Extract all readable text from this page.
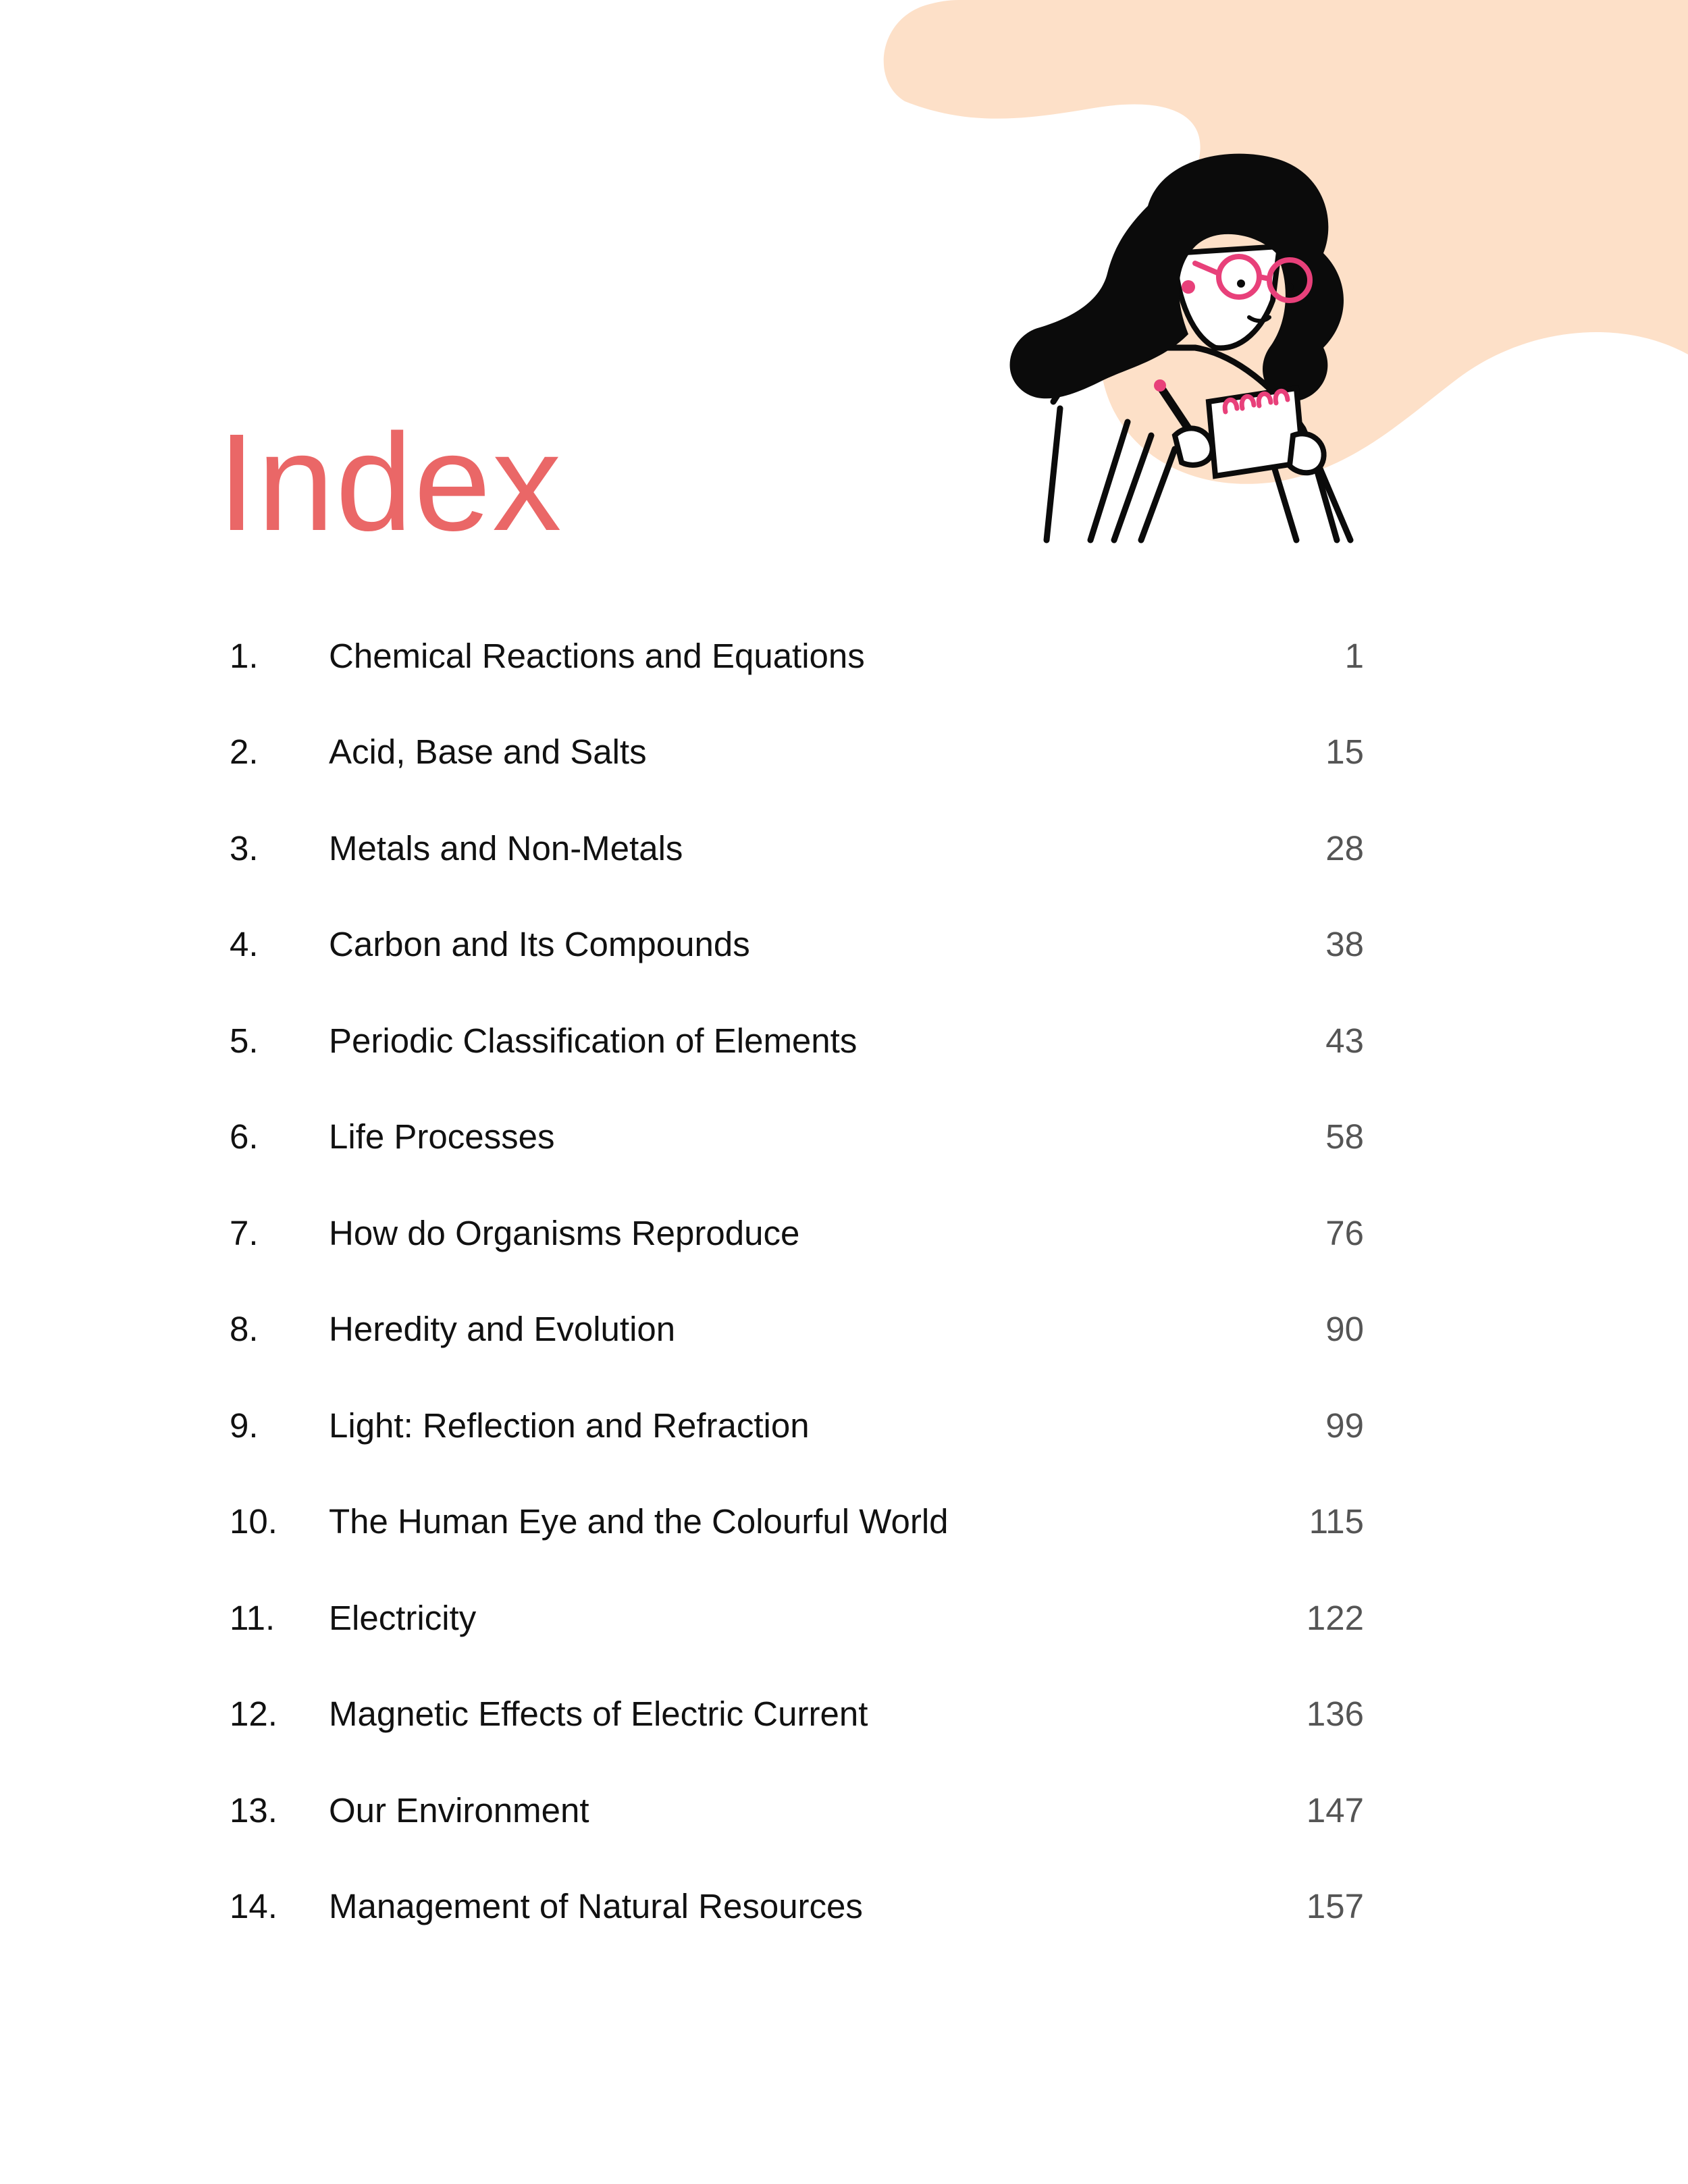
Index
1.	Chemical Reactions and Equations	1
2.	Acid, Base and Salts	15
3.	Metals and Non-Metals	28
4.	Carbon and Its Compounds	38
5.	Periodic Classification of Elements	43
6.	Life Processes	58
7.	How do Organisms Reproduce	76
8.	Heredity and Evolution	90
9.	Light: Reflection and Refraction	99
10.	The Human Eye and the Colourful World	115
11.	Electricity	122
12.	Magnetic Effects of Electric Current	136
13.	Our Environment	147
14.	Management of Natural Resources	157
